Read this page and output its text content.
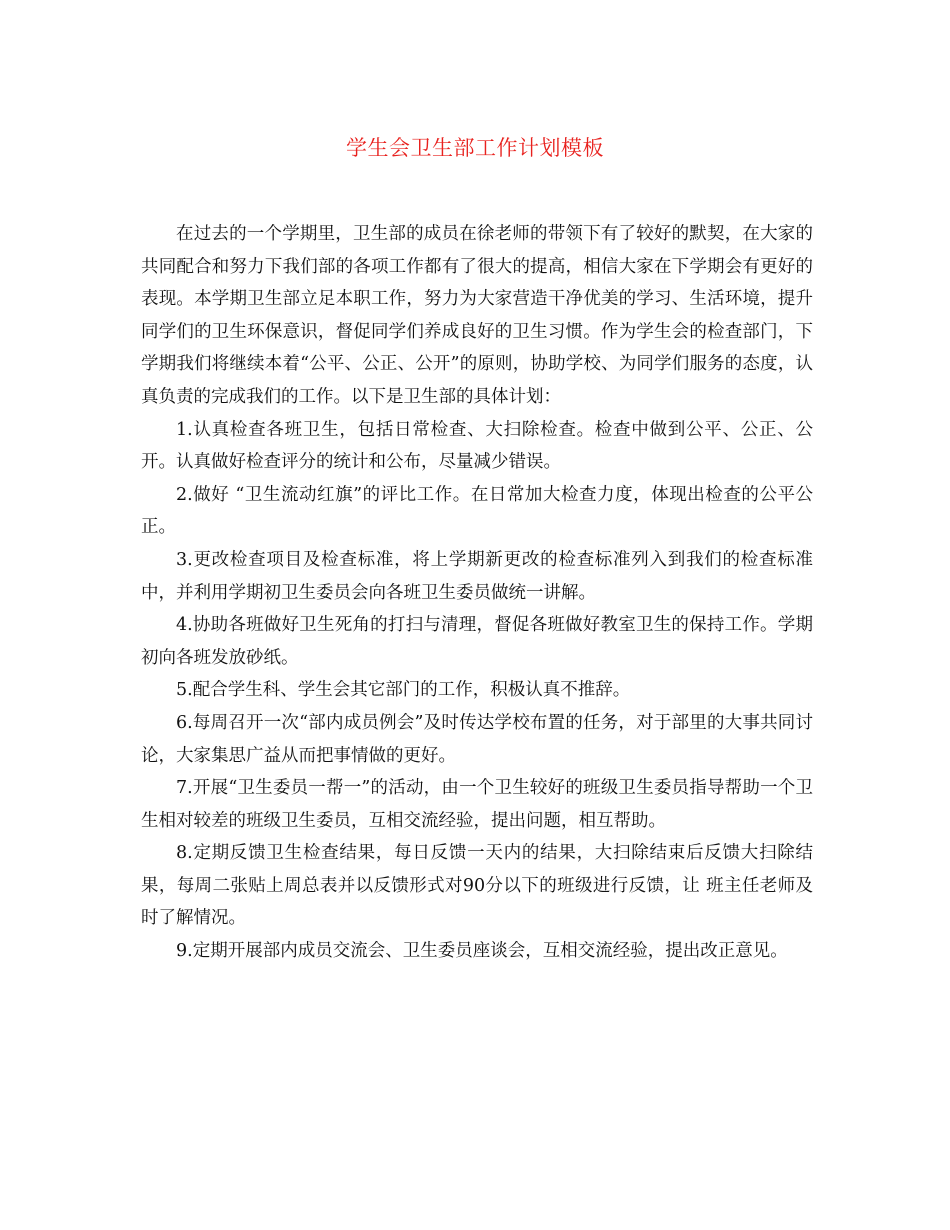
学生会卫生部工作计划模板

在过去的一个学期里，卫生部的成员在徐老师的带领下有了较好的默契，在大家的共同配合和努力下我们部的各项工作都有了很大的提高，相信大家在下学期会有更好的表现。本学期卫生部立足本职工作，努力为大家营造干净优美的学习、生活环境，提升同学们的卫生环保意识，督促同学们养成良好的卫生习惯。作为学生会的检查部门，下学期我们将继续本着“公平、公正、公开”的原则，协助学校、为同学们服务的态度，认真负责的完成我们的工作。以下是卫生部的具体计划：

1.认真检查各班卫生，包括日常检查、大扫除检查。检查中做到公平、公正、公开。认真做好检查评分的统计和公布，尽量减少错误。

2.做好 “卫生流动红旗”的评比工作。在日常加大检查力度，体现出检查的公平公正。

3.更改检查项目及检查标准，将上学期新更改的检查标准列入到我们的检查标准中，并利用学期初卫生委员会向各班卫生委员做统一讲解。

4.协助各班做好卫生死角的打扫与清理，督促各班做好教室卫生的保持工作。学期初向各班发放砂纸。

5.配合学生科、学生会其它部门的工作，积极认真不推辞。

6.每周召开一次“部内成员例会”及时传达学校布置的任务，对于部里的大事共同讨论，大家集思广益从而把事情做的更好。

7.开展“卫生委员一帮一”的活动，由一个卫生较好的班级卫生委员指导帮助一个卫生相对较差的班级卫生委员，互相交流经验，提出问题，相互帮助。

8.定期反馈卫生检查结果，每日反馈一天内的结果，大扫除结束后反馈大扫除结果，每周二张贴上周总表并以反馈形式对90分以下的班级进行反馈，让 班主任老师及时了解情况。

9.定期开展部内成员交流会、卫生委员座谈会，互相交流经验，提出改正意见。
